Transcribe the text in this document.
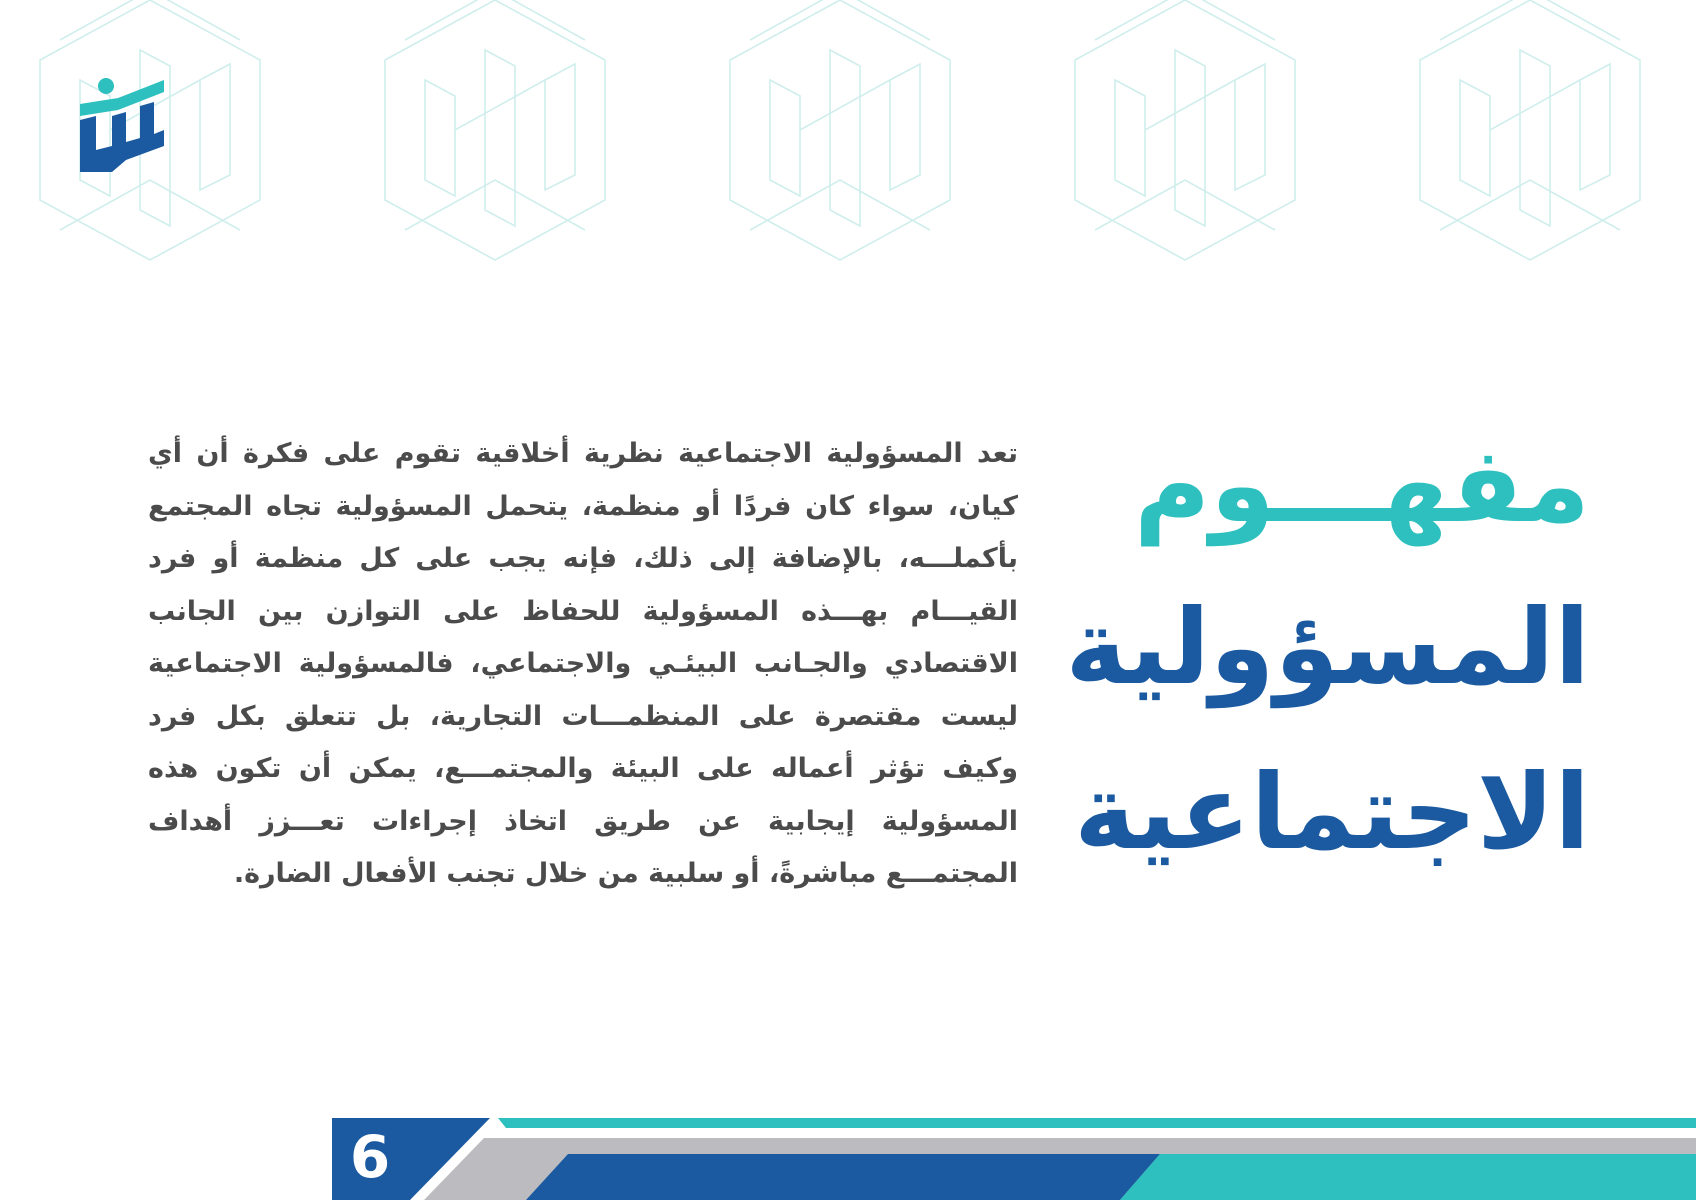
مفهـــوم
المسؤولية
الاجتماعية

تعد المسؤولية الاجتماعية نظرية أخلاقية تقوم على فكرة أن أي كيان، سواء كان فردًا أو منظمة، يتحمل المسؤولية تجاه المجتمع بأكملـــه، بالإضافة إلى ذلك، فإنه يجب على كل منظمة أو فرد القيـــام بهـــذه المسؤولية للحفاظ على التوازن بين الجانب الاقتصادي والجـانب البيئـي والاجتماعي، فالمسؤولية الاجتماعية ليست مقتصرة على المنظمـــات التجارية، بل تتعلق بكل فرد وكيف تؤثر أعماله على البيئة والمجتمـــع، يمكن أن تكون هذه المسؤولية إيجابية عن طريق اتخاذ إجراءات تعـــزز أهداف المجتمـــع مباشرةً، أو سلبية من خلال تجنب الأفعال الضارة.

6
